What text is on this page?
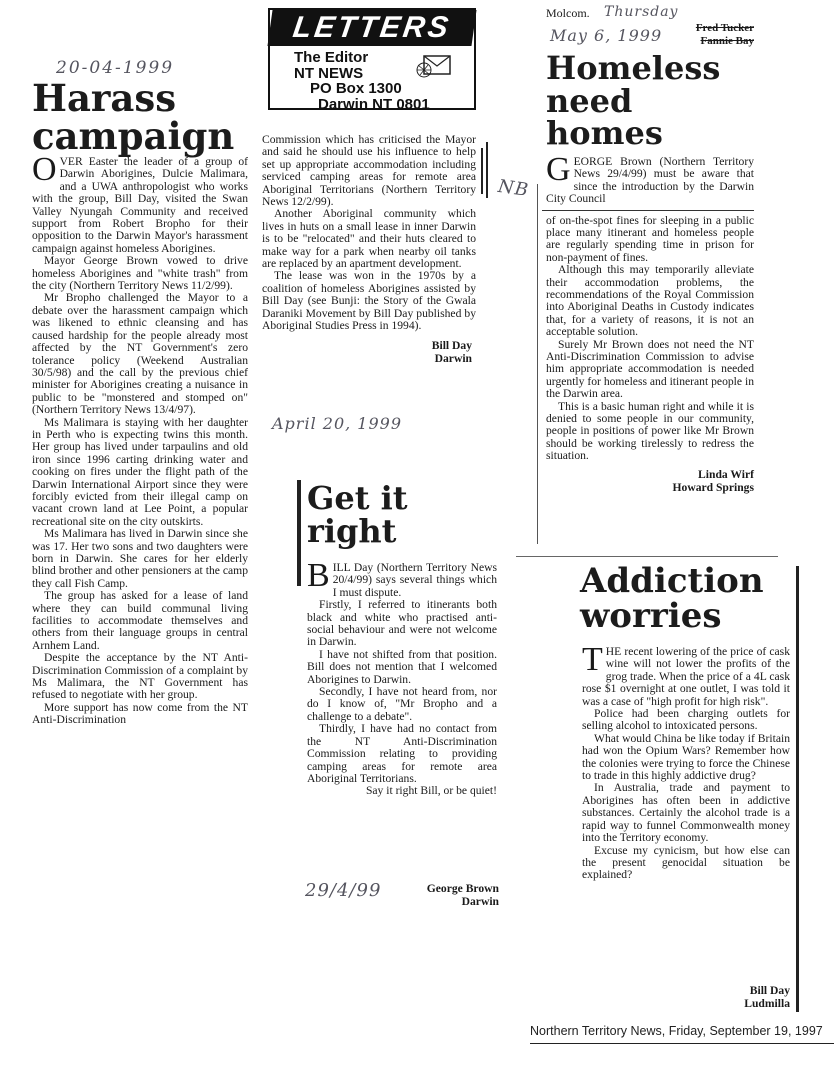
20-04-1999
Harass
campaign

OVER Easter the leader of a group of Darwin Aborigines, Dulcie Malimara, and a UWA anthropologist who works with the group, Bill Day, visited the Swan Valley Nyungah Community and received support from Robert Bropho for their opposition to the Darwin Mayor's harassment campaign against homeless Aborigines.

Mayor George Brown vowed to drive homeless Aborigines and "white trash" from the city (Northern Territory News 11/2/99).

Mr Bropho challenged the Mayor to a debate over the harassment campaign which was likened to ethnic cleansing and has caused hardship for the people already most affected by the NT Government's zero tolerance policy (Weekend Australian 30/5/98) and the call by the previous chief minister for Aborigines creating a nuisance in public to be "monstered and stomped on" (Northern Territory News 13/4/97).

Ms Malimara is staying with her daughter in Perth who is expecting twins this month. Her group has lived under tarpaulins and old iron since 1996 carting drinking water and cooking on fires under the flight path of the Darwin International Airport since they were forcibly evicted from their illegal camp on vacant crown land at Lee Point, a popular recreational site on the city outskirts.

Ms Malimara has lived in Darwin since she was 17. Her two sons and two daughters were born in Darwin. She cares for her elderly blind brother and other pensioners at the camp they call Fish Camp.

The group has asked for a lease of land where they can build communal living facilities to accommodate themselves and others from their language groups in central Arnhem Land.

Despite the acceptance by the NT Anti-Discrimination Commission of a complaint by Ms Malimara, the NT Government has refused to negotiate with her group.

More support has now come from the NT Anti-Discrimination

LETTERS
The Editor
NT NEWS
PO Box 1300
Darwin NT 0801

Commission which has criticised the Mayor and said he should use his influence to help set up appropriate accommodation including serviced camping areas for remote area Aboriginal Territorians (Northern Territory News 12/2/99).

Another Aboriginal community which lives in huts on a small lease in inner Darwin is to be "relocated" and their huts cleared to make way for a park when nearby oil tanks are replaced by an apartment development.

The lease was won in the 1970s by a coalition of homeless Aborigines assisted by Bill Day (see Bunji: the Story of the Gwala Daraniki Movement by Bill Day published by Aboriginal Studies Press in 1994).

Bill Day
Darwin
April 20, 1999
NB
Molcom. Thursday
May 6, 1999	Fred Tucker
Fannie Bay
Homeless
need homes

GEORGE Brown (Northern Territory News 29/4/99) must be aware that since the introduction by the Darwin City Council

of on-the-spot fines for sleeping in a public place many itinerant and homeless people are regularly spending time in prison for non-payment of fines.

Although this may temporarily alleviate their accommodation problems, the recommendations of the Royal Commission into Aboriginal Deaths in Custody indicates that, for a variety of reasons, it is not an acceptable solution.

Surely Mr Brown does not need the NT Anti-Discrimination Commission to advise him appropriate accommodation is needed urgently for homeless and itinerant people in the Darwin area.

This is a basic human right and while it is denied to some people in our community, people in positions of power like Mr Brown should be working tirelessly to redress the situation.

Linda Wirf
Howard Springs
Get it
right

BILL Day (Northern Territory News 20/4/99) says several things which I must dispute.

Firstly, I referred to itinerants both black and white who practised anti-social behaviour and were not welcome in Darwin.

I have not shifted from that position. Bill does not mention that I welcomed Aborigines to Darwin.

Secondly, I have not heard from, nor do I know of, "Mr Bropho and a challenge to a debate".

Thirdly, I have had no contact from the NT Anti-Discrimination Commission relating to providing camping areas for remote area Aboriginal Territorians.

Say it right Bill, or be quiet!

29/4/99	George Brown
Darwin
Addiction
worries

THE recent lowering of the price of cask wine will not lower the profits of the grog trade. When the price of a 4L cask rose $1 overnight at one outlet, I was told it was a case of "high profit for high risk".

Police had been charging outlets for selling alcohol to intoxicated persons.

What would China be like today if Britain had won the Opium Wars? Remember how the colonies were trying to force the Chinese to trade in this highly addictive drug?

In Australia, trade and payment to Aborigines has often been in addictive substances. Certainly the alcohol trade is a rapid way to funnel Commonwealth money into the Territory economy.

Excuse my cynicism, but how else can the present genocidal situation be explained?

Bill Day
Ludmilla
Northern Territory News, Friday, September 19, 1997
